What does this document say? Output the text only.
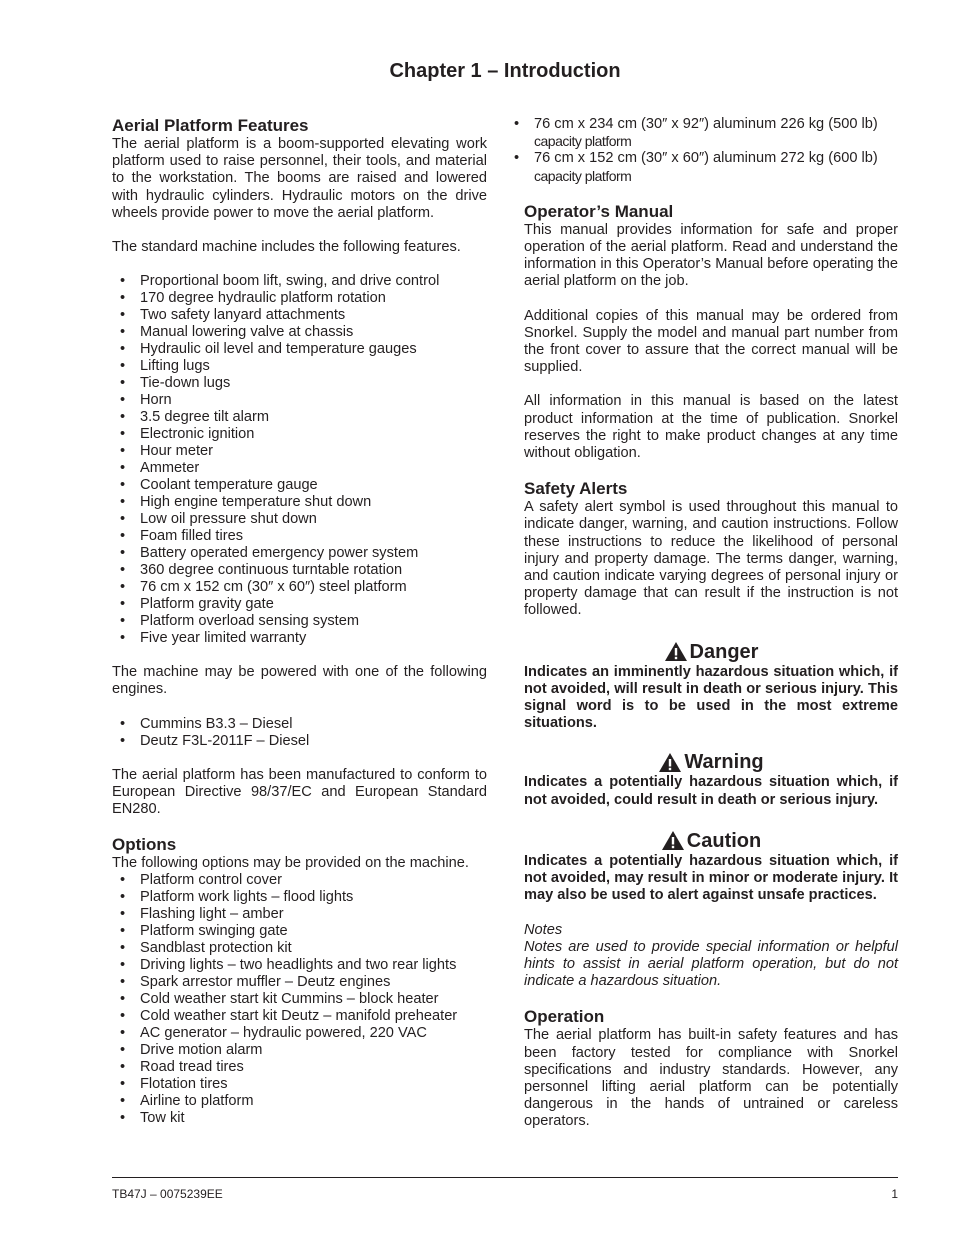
Chapter 1 – Introduction
Aerial Platform Features

The aerial platform is a boom-supported elevating work platform used to raise personnel, their tools, and material to the workstation. The booms are raised and lowered with hydraulic cylinders. Hydraulic motors on the drive wheels provide power to move the aerial platform.

The standard machine includes the following features.

• Proportional boom lift, swing, and drive control
• 170 degree hydraulic platform rotation
• Two safety lanyard attachments
• Manual lowering valve at chassis
• Hydraulic oil level and temperature gauges
• Lifting lugs
• Tie-down lugs
• Horn
• 3.5 degree tilt alarm
• Electronic ignition
• Hour meter
• Ammeter
• Coolant temperature gauge
• High engine temperature shut down
• Low oil pressure shut down
• Foam filled tires
• Battery operated emergency power system
• 360 degree continuous turntable rotation
• 76 cm x 152 cm (30″ x 60″) steel platform
• Platform gravity gate
• Platform overload sensing system
• Five year limited warranty

The machine may be powered with one of the following engines.

• Cummins B3.3 – Diesel
• Deutz F3L-2011F – Diesel

The aerial platform has been manufactured to conform to European Directive 98/37/EC and European Standard EN280.

Options

The following options may be provided on the machine.

• Platform control cover
• Platform work lights – flood lights
• Flashing light – amber
• Platform swinging gate
• Sandblast protection kit
• Driving lights – two headlights and two rear lights
• Spark arrestor muffler – Deutz engines
• Cold weather start kit Cummins – block heater
• Cold weather start kit Deutz – manifold preheater
• AC generator – hydraulic powered, 220 VAC
• Drive motion alarm
• Road tread tires
• Flotation tires
• Airline to platform
• Tow kit
• 76 cm x 234 cm (30″ x 92″) aluminum 226 kg (500 lb)
capacity platform
• 76 cm x 152 cm (30″ x 60″) aluminum 272 kg (600 lb)
capacity platform
Operator’s Manual

This manual provides information for safe and proper operation of the aerial platform. Read and understand the information in this Operator’s Manual before operating the aerial platform on the job.

Additional copies of this manual may be ordered from Snorkel. Supply the model and manual part number from the front cover to assure that the correct manual will be supplied.

All information in this manual is based on the latest product information at the time of publication. Snorkel reserves the right to make product changes at any time without obligation.

Safety Alerts

A safety alert symbol is used throughout this manual to indicate danger, warning, and caution instructions. Follow these instructions to reduce the likelihood of personal injury and property damage. The terms danger, warning, and caution indicate varying degrees of personal injury or property damage that can result if the instruction is not followed.

Danger

Indicates an imminently hazardous situation which, if not avoided, will result in death or serious injury. This signal word is to be used in the most extreme situations.

Warning

Indicates a potentially hazardous situation which, if not avoided, could result in death or serious injury.

Caution

Indicates a potentially hazardous situation which, if not avoided, may result in minor or moderate injury. It may also be used to alert against unsafe practices.

Notes

Notes are used to provide special information or helpful hints to assist in aerial platform operation, but do not indicate a hazardous situation.

Operation

The aerial platform has built-in safety features and has been factory tested for compliance with Snorkel specifications and industry standards. However, any personnel lifting aerial platform can be potentially dangerous in the hands of untrained or careless operators.

TB47J – 0075239EE	1
